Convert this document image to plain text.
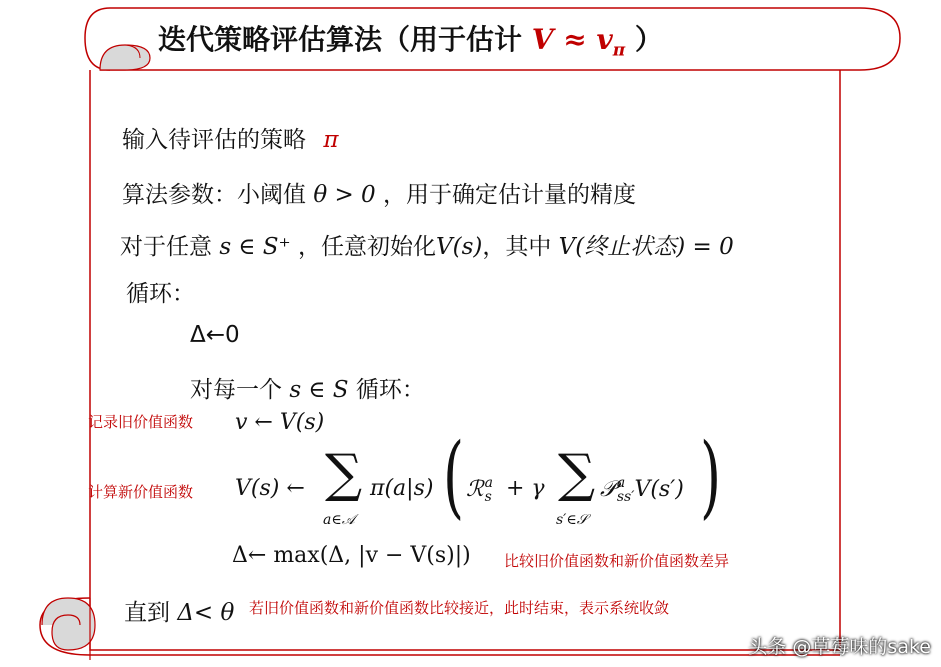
迭代策略评估算法（用于估计 $V \approx v_\pi$ ）
输入待评估的策略 π
算法参数：小阈值 θ > 0 ，用于确定估计量的精度
对于任意 s ∈ S⁺ ，任意初始化V(s)，其中 V(终止状态) = 0
循环：
Δ←0
对每一个 s ∈ S 循环：
记录旧价值函数 v ← V(s)
计算新价值函数 V(s) ← ∑
a∈𝒜
π(a|s) ( ℛ a
s + γ ∑
s′∈𝒮
𝒫 a
ss′ V(s′) )
Δ← max(Δ, |v − V(s)|) 比较旧价值函数和新价值函数差异
直到 Δ< θ 若旧价值函数和新价值函数比较接近，此时结束，表示系统收敛
头条 @草莓味的sake
